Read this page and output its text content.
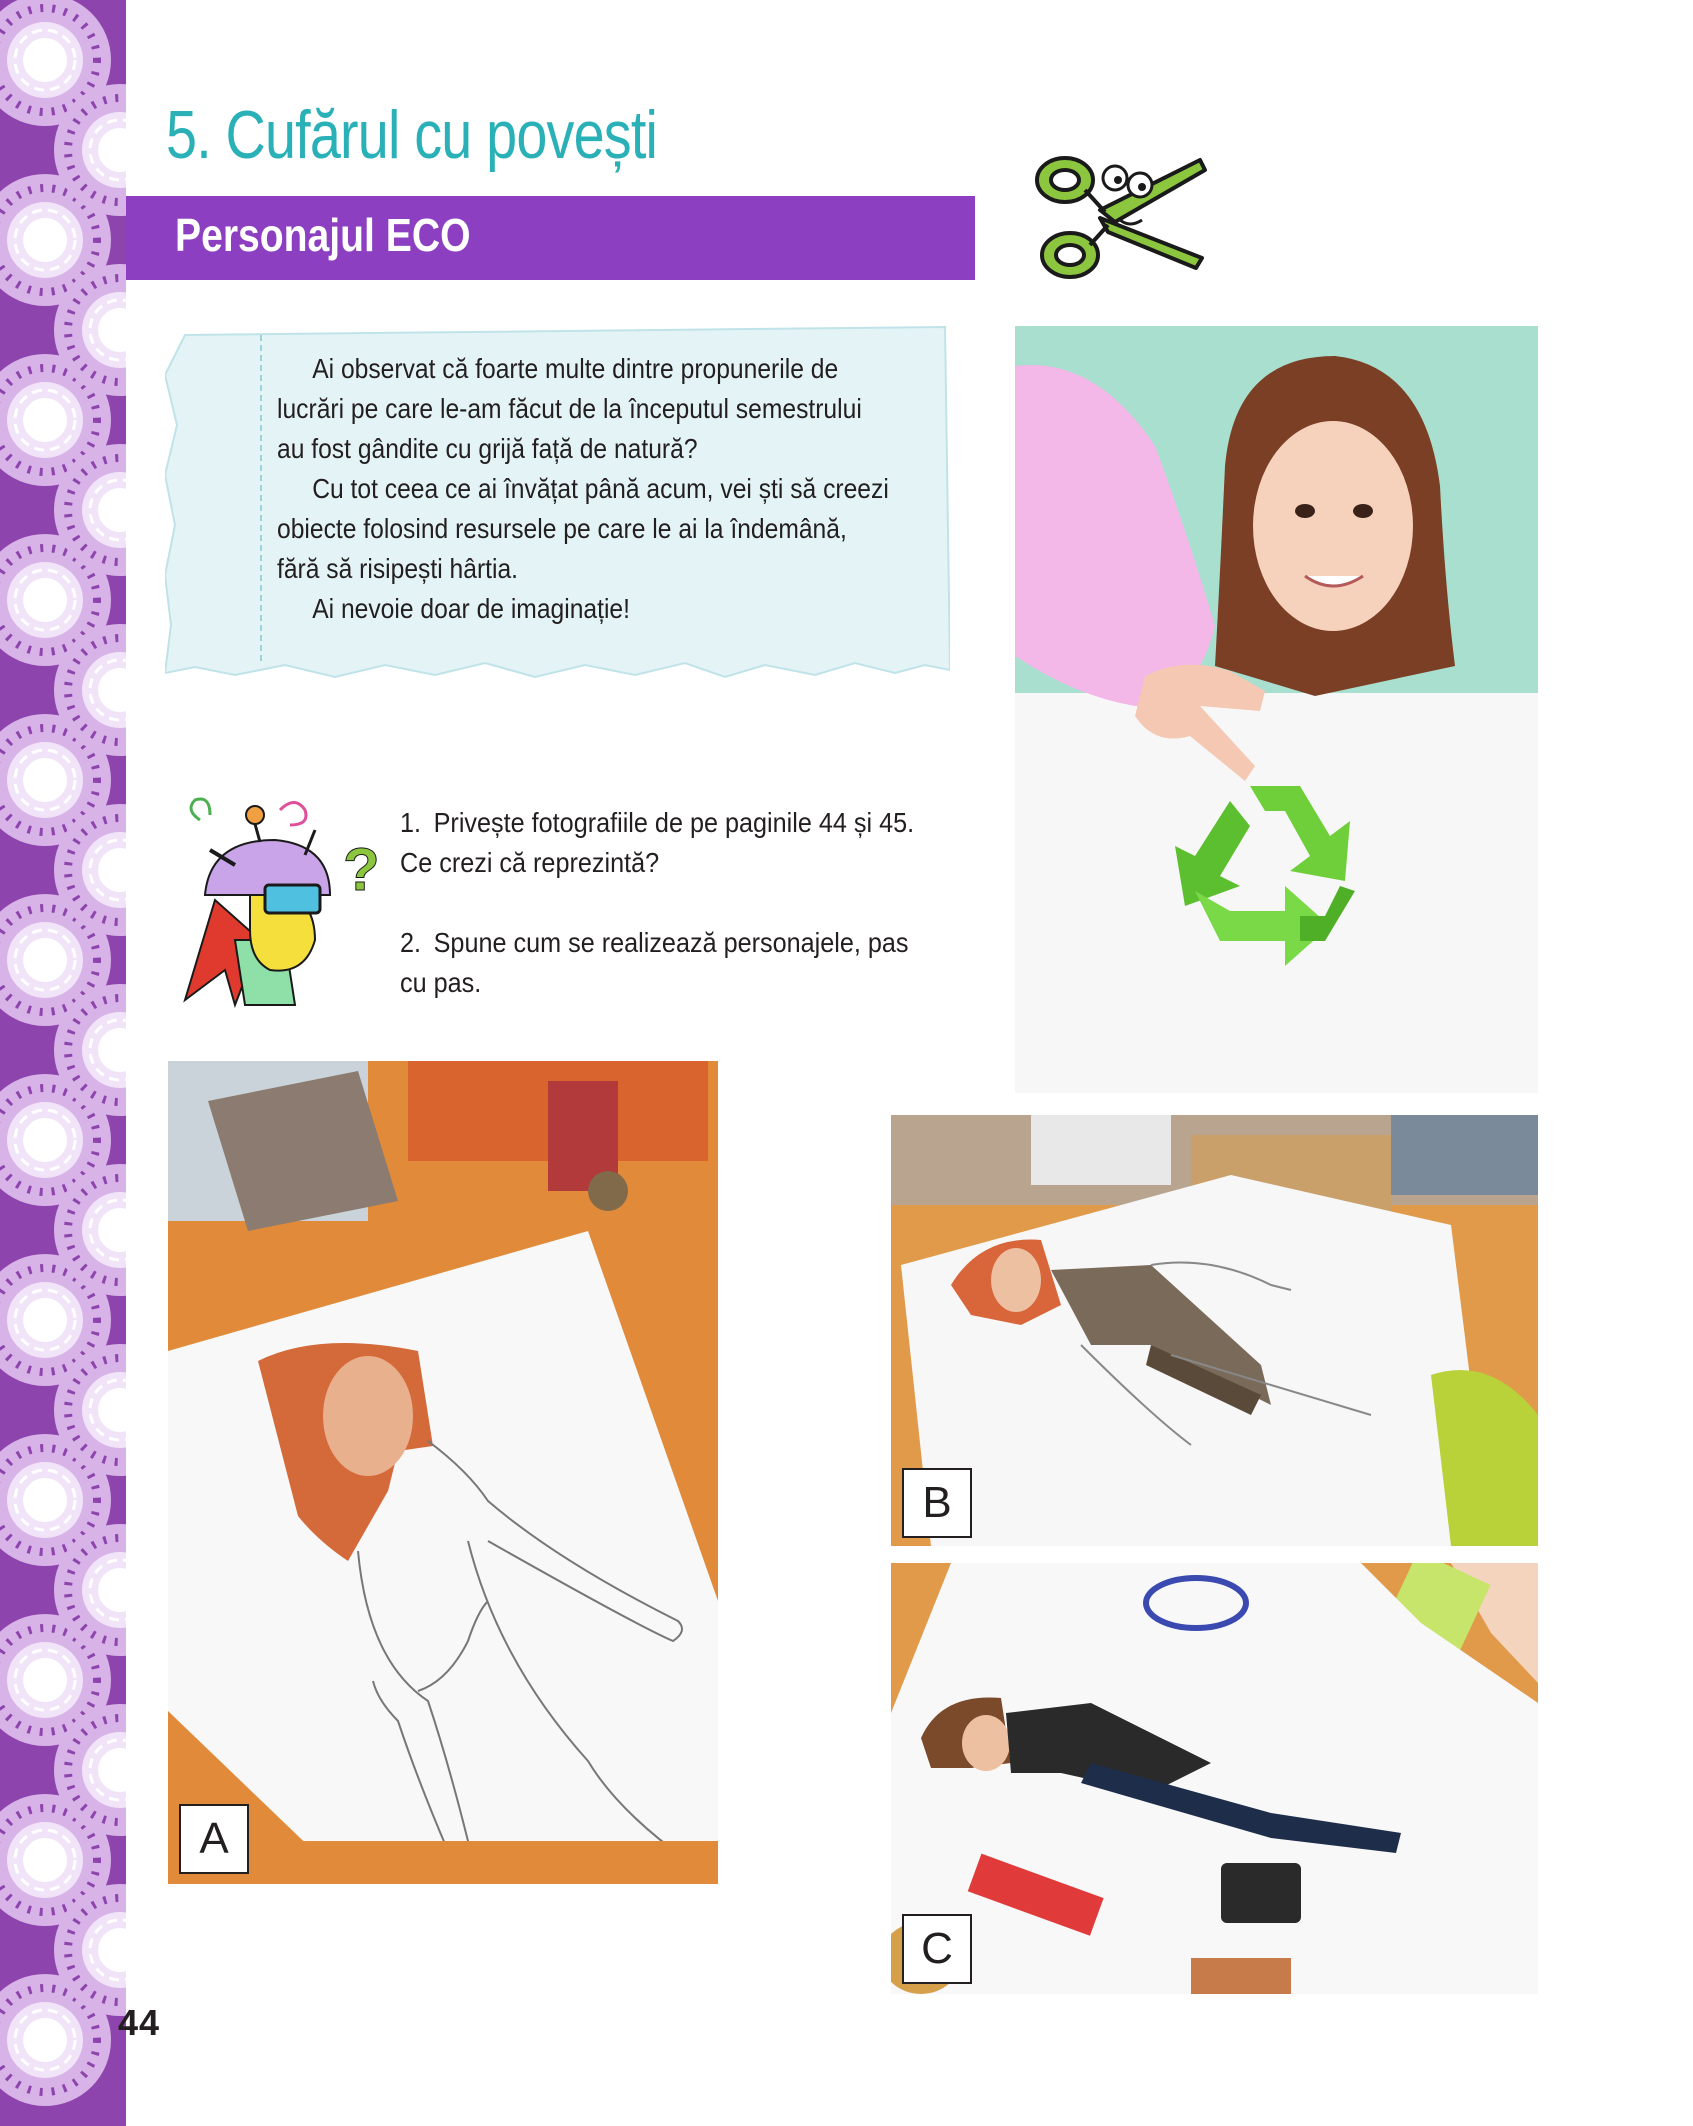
5. Cufărul cu povești
Personajul ECO

Ai observat că foarte multe dintre propunerile de lucrări pe care le-am făcut de la începutul semestrului au fost gândite cu grijă față de natură?

Cu tot ceea ce ai învățat până acum, vei ști să creezi obiecte folosind resursele pe care le ai la îndemână, fără să risipești hârtia.

Ai nevoie doar de imaginație!

?

1. Privește fotografiile de pe paginile 44 și 45. Ce crezi că reprezintă?

2. Spune cum se realizează personajele, pas cu pas.

A
B
C
44
